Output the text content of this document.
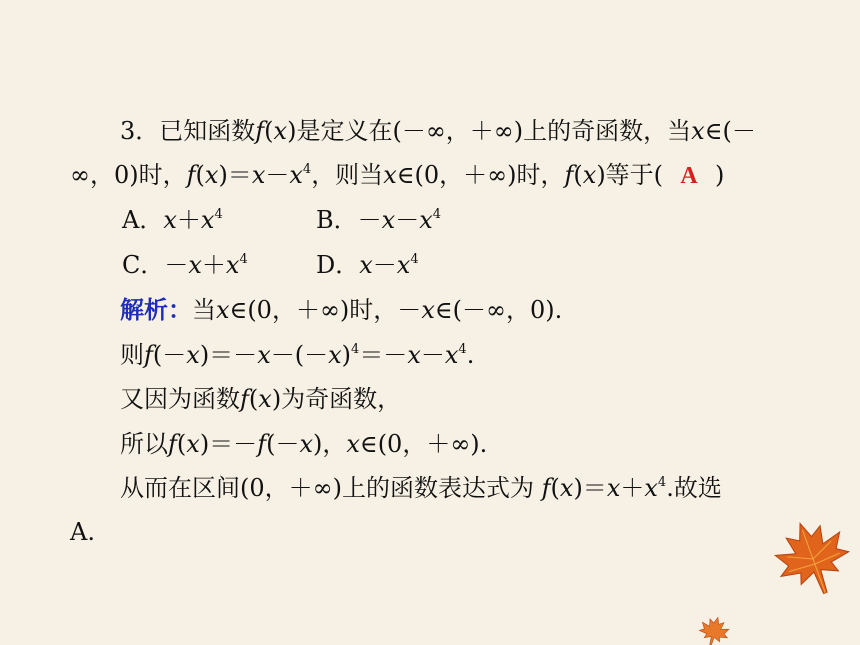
3．已知函数f(x)是定义在(－∞，＋∞)上的奇函数，当x∈(－
∞，0)时，$f(x)=x-x^4$，则当x∈(0，＋∞)时，f(x)等于( A )
A．$x+x^4$	B．$-x-x^4$
C．$-x+x^4$	D．$x-x^4$
解析：当x∈(0，＋∞)时，－x∈(－∞，0).
则$f(-x)=-x-(-x)^4=-x-x^4$.
又因为函数f(x)为奇函数，
所以f(x)＝－f(－x)，x∈(0，＋∞).
从而在区间(0，＋∞)上的函数表达式为 $f(x)=x+x^4$.故选
A.
